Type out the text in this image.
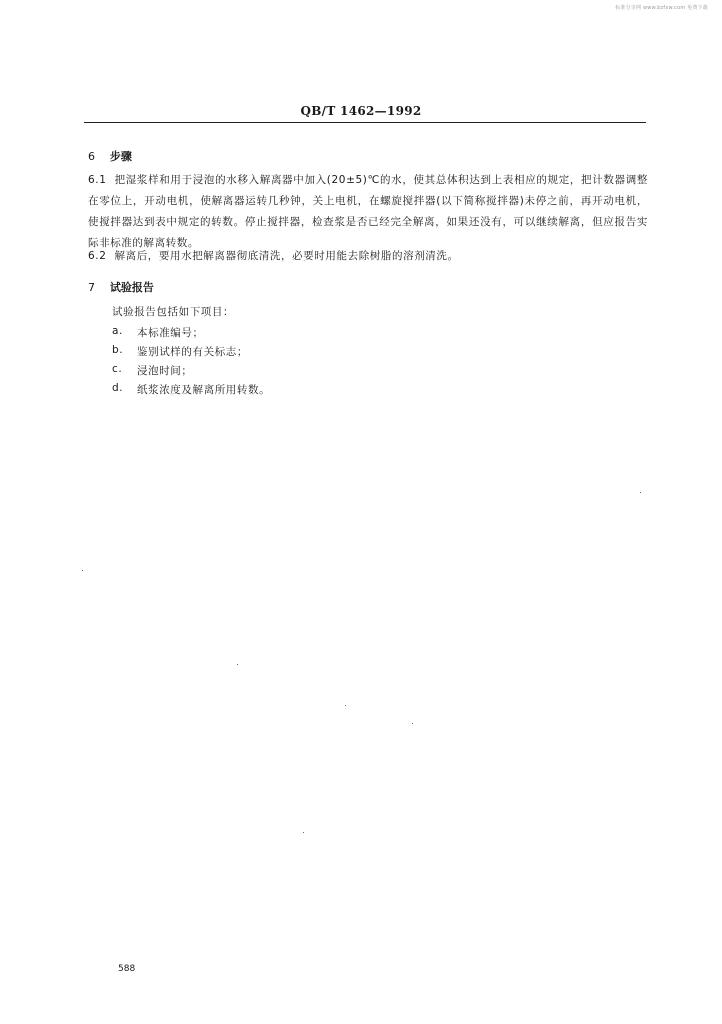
标准分享网 www.bzfxw.com 免费下载
QB/T 1462—1992
6 步骤
6.1 把湿浆样和用于浸泡的水移入解离器中加入(20±5)℃的水，使其总体积达到上表相应的规定，把计数器调整在零位上，开动电机，使解离器运转几秒钟，关上电机，在螺旋搅拌器(以下简称搅拌器)未停之前，再开动电机，使搅拌器达到表中规定的转数。停止搅拌器，检查浆是否已经完全解离，如果还没有，可以继续解离，但应报告实际非标准的解离转数。
6.2 解离后，要用水把解离器彻底清洗，必要时用能去除树脂的溶剂清洗。
7 试验报告
试验报告包括如下项目：
a.	本标准编号；
b.	鉴别试样的有关标志；
c.	浸泡时间；
d.	纸浆浓度及解离所用转数。
588
